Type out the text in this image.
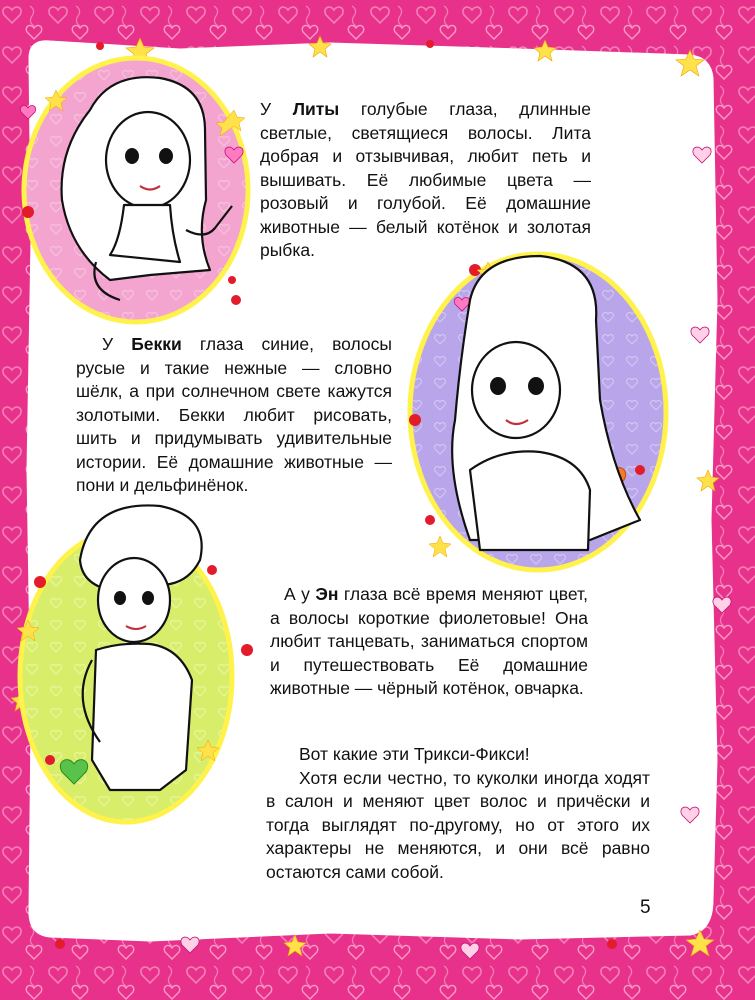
У Литы голубые глаза, длинные светлые, светящиеся волосы. Лита добрая и отзывчивая, любит петь и вышивать. Её любимые цвета — розовый и голубой. Её домашние животные — белый котёнок и золотая рыбка.
У Бекки глаза синие, волосы русые и такие нежные — словно шёлк, а при солнечном свете кажутся золотыми. Бекки любит рисовать, шить и придумывать удивительные истории. Её домашние животные — пони и дельфинёнок.
А у Эн глаза всё время меняют цвет, а волосы короткие фиолетовые! Она любит танцевать, заниматься спортом и путешествовать Её домашние животные — чёрный котёнок, овчарка.
Вот какие эти Трикси-Фикси!
Хотя если честно, то куколки иногда ходят в салон и меняют цвет волос и причёски и тогда выглядят по-другому, но от этого их характеры не меняются, и они всё равно остаются сами собой.
5
